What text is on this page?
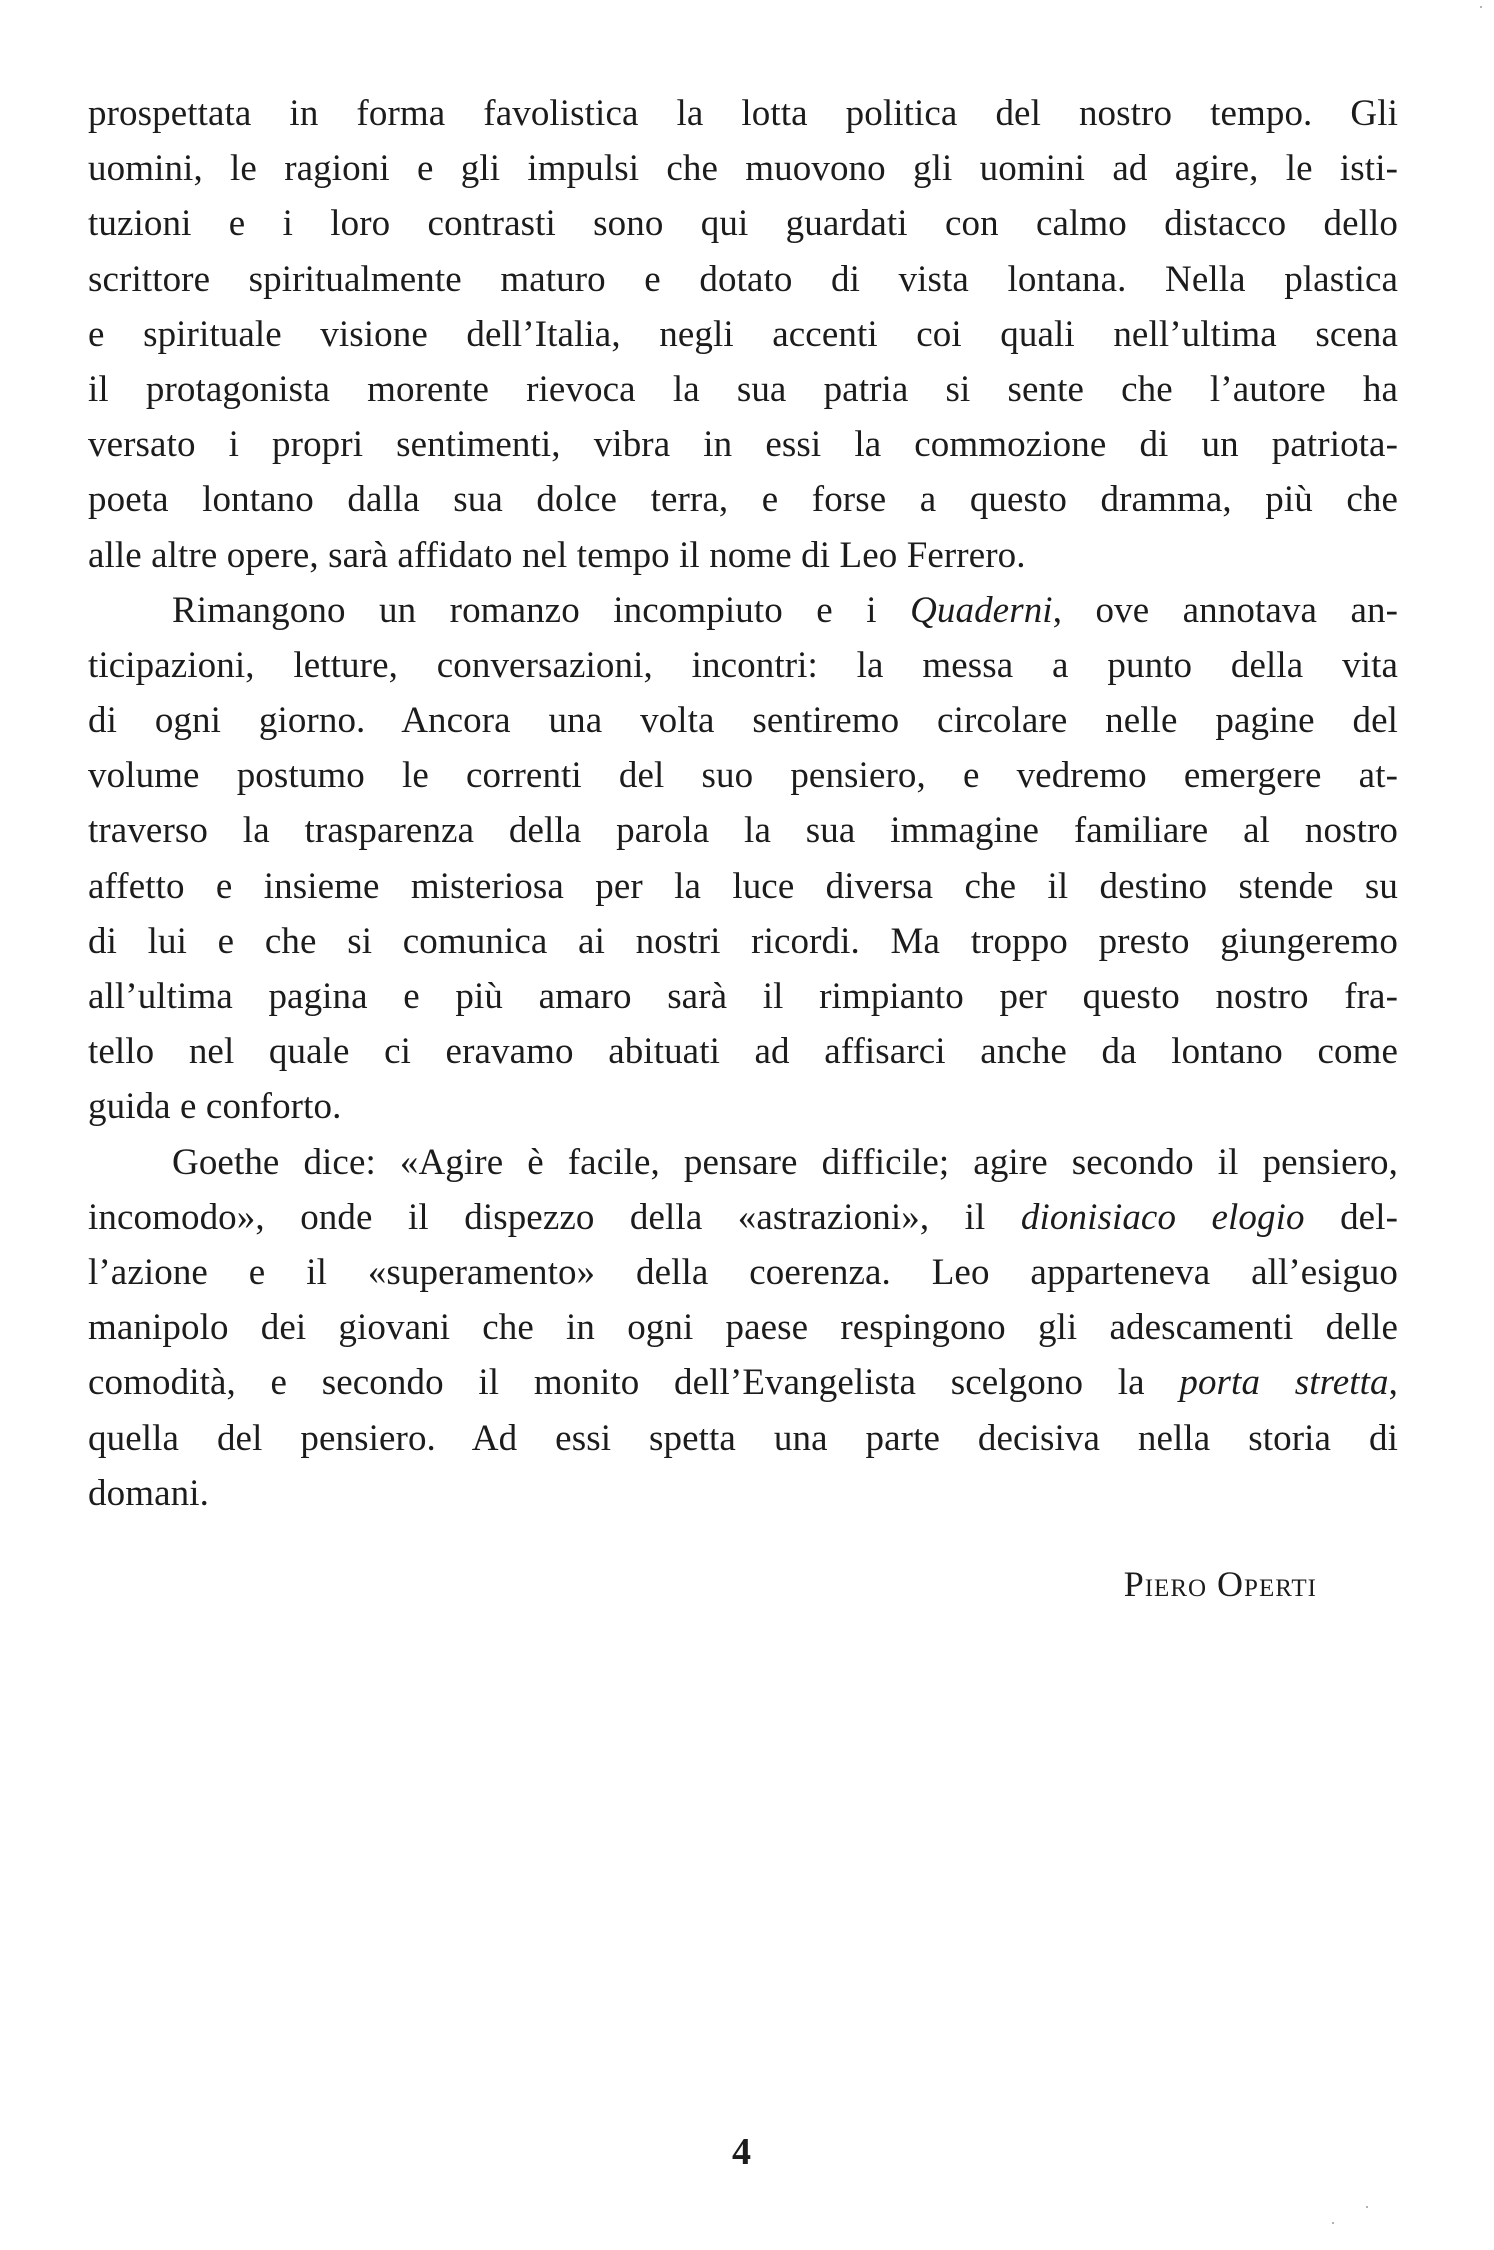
prospettata in forma favolistica la lotta politica del nostro tempo. Gli
uomini, le ragioni e gli impulsi che muovono gli uomini ad agire, le isti-
tuzioni e i loro contrasti sono qui guardati con calmo distacco dello
scrittore spiritualmente maturo e dotato di vista lontana. Nella plastica
e spirituale visione dell’Italia, negli accenti coi quali nell’ultima scena
il protagonista morente rievoca la sua patria si sente che l’autore ha
versato i propri sentimenti, vibra in essi la commozione di un patriota-
poeta lontano dalla sua dolce terra, e forse a questo dramma, più che
alle altre opere, sarà affidato nel tempo il nome di Leo Ferrero.
Rimangono un romanzo incompiuto e i Quaderni, ove annotava an-
ticipazioni, letture, conversazioni, incontri: la messa a punto della vita
di ogni giorno. Ancora una volta sentiremo circolare nelle pagine del
volume postumo le correnti del suo pensiero, e vedremo emergere at-
traverso la trasparenza della parola la sua immagine familiare al nostro
affetto e insieme misteriosa per la luce diversa che il destino stende su
di lui e che si comunica ai nostri ricordi. Ma troppo presto giungeremo
all’ultima pagina e più amaro sarà il rimpianto per questo nostro fra-
tello nel quale ci eravamo abituati ad affisarci anche da lontano come
guida e conforto.
Goethe dice: «Agire è facile, pensare difficile; agire secondo il pensiero,
incomodo», onde il dispezzo della «astrazioni», il dionisiaco elogio del-
l’azione e il «superamento» della coerenza. Leo apparteneva all’esiguo
manipolo dei giovani che in ogni paese respingono gli adescamenti delle
comodità, e secondo il monito dell’Evangelista scelgono la porta stretta,
quella del pensiero. Ad essi spetta una parte decisiva nella storia di
domani.
Piero Operti
4
